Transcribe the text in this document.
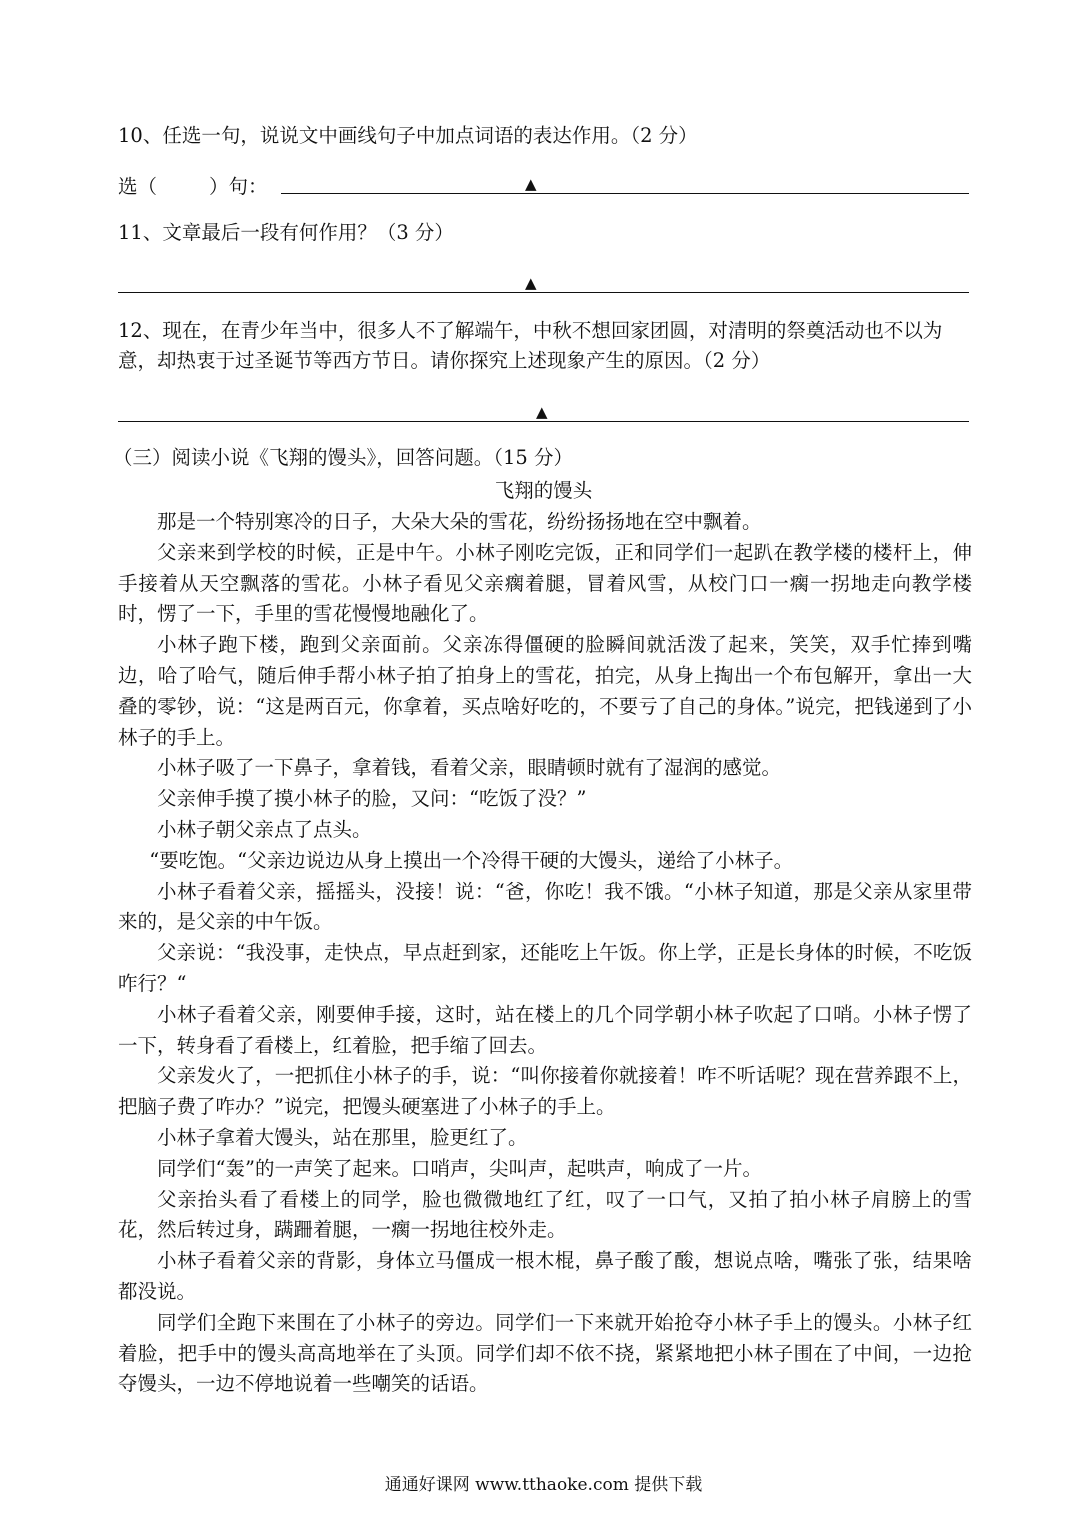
10、任选一句，说说文中画线句子中加点词语的表达作用。（2 分）
选（	）句：	▲
11、文章最后一段有何作用？（3 分）
▲
12、现在，在青少年当中，很多人不了解端午，中秋不想回家团圆，对清明的祭奠活动也不以为意，却热衷于过圣诞节等西方节日。请你探究上述现象产生的原因。（2 分）
▲
（三）阅读小说《飞翔的馒头》，回答问题。（15 分）
飞翔的馒头

那是一个特别寒冷的日子，大朵大朵的雪花，纷纷扬扬地在空中飘着。

父亲来到学校的时候，正是中午。小林子刚吃完饭，正和同学们一起趴在教学楼的楼杆上，伸手接着从天空飘落的雪花。小林子看见父亲瘸着腿，冒着风雪，从校门口一瘸一拐地走向教学楼时，愣了一下，手里的雪花慢慢地融化了。

小林子跑下楼，跑到父亲面前。父亲冻得僵硬的脸瞬间就活泼了起来，笑笑，双手忙捧到嘴边，哈了哈气，随后伸手帮小林子拍了拍身上的雪花，拍完，从身上掏出一个布包解开，拿出一大叠的零钞，说：“这是两百元，你拿着，买点啥好吃的，不要亏了自己的身体。”说完，把钱递到了小林子的手上。

小林子吸了一下鼻子，拿着钱，看着父亲，眼睛顿时就有了湿润的感觉。

父亲伸手摸了摸小林子的脸，又问：“吃饭了没？”

小林子朝父亲点了点头。

“要吃饱。“父亲边说边从身上摸出一个冷得干硬的大馒头，递给了小林子。

小林子看着父亲，摇摇头，没接！说：“爸，你吃！我不饿。“小林子知道，那是父亲从家里带来的，是父亲的中午饭。

父亲说：“我没事，走快点，早点赶到家，还能吃上午饭。你上学，正是长身体的时候，不吃饭咋行？“

小林子看着父亲，刚要伸手接，这时，站在楼上的几个同学朝小林子吹起了口哨。小林子愣了一下，转身看了看楼上，红着脸，把手缩了回去。

父亲发火了，一把抓住小林子的手，说：“叫你接着你就接着！咋不听话呢？现在营养跟不上，把脑子费了咋办？”说完，把馒头硬塞进了小林子的手上。

小林子拿着大馒头，站在那里，脸更红了。

同学们“轰”的一声笑了起来。口哨声，尖叫声，起哄声，响成了一片。

父亲抬头看了看楼上的同学，脸也微微地红了红，叹了一口气，又拍了拍小林子肩膀上的雪花，然后转过身，蹒跚着腿，一瘸一拐地往校外走。

小林子看着父亲的背影，身体立马僵成一根木棍，鼻子酸了酸，想说点啥，嘴张了张，结果啥都没说。

同学们全跑下来围在了小林子的旁边。同学们一下来就开始抢夺小林子手上的馒头。小林子红着脸，把手中的馒头高高地举在了头顶。同学们却不依不挠，紧紧地把小林子围在了中间，一边抢夺馒头，一边不停地说着一些嘲笑的话语。

通通好课网 www.tthaoke.com 提供下载
